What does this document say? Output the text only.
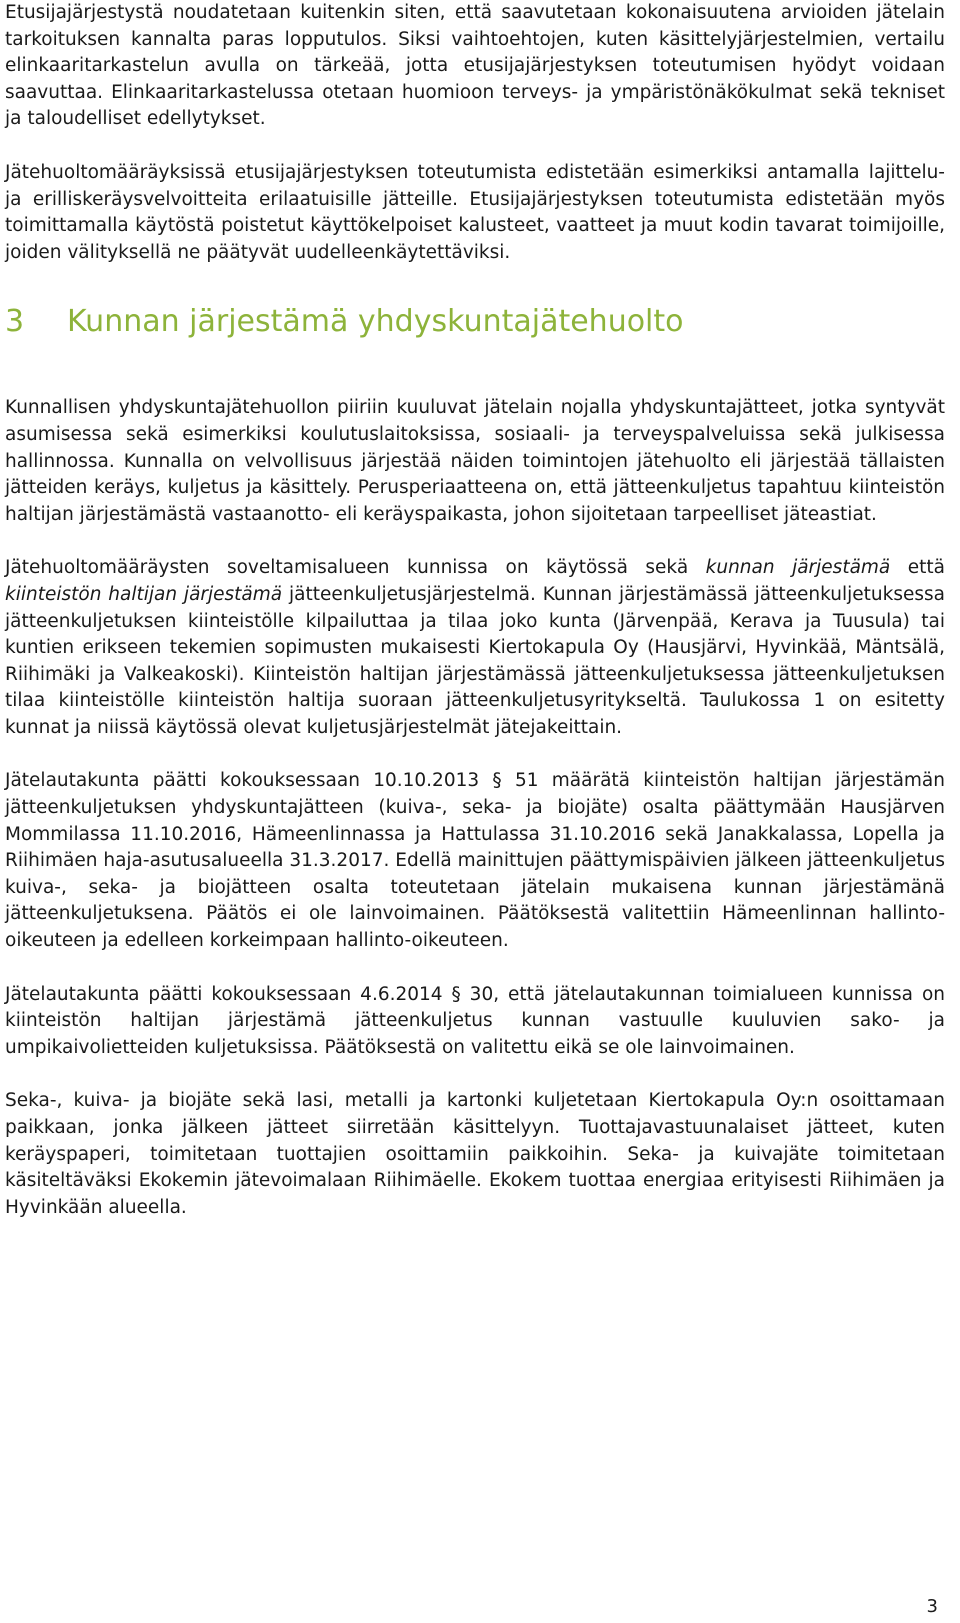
Etusijajärjestystä noudatetaan kuitenkin siten, että saavutetaan kokonaisuutena arvioiden jätelain tarkoituksen kannalta paras lopputulos. Siksi vaihtoehtojen, kuten käsittelyjärjestelmien, vertailu elinkaaritarkastelun avulla on tärkeää, jotta etusijajärjestyksen toteutumisen hyödyt voidaan saavuttaa. Elinkaaritarkastelussa otetaan huomioon terveys- ja ympäristönäkökulmat sekä tekniset ja taloudelliset edellytykset.

Jätehuoltomääräyksissä etusijajärjestyksen toteutumista edistetään esimerkiksi antamalla lajittelu- ja erilliskeräysvelvoitteita erilaatuisille jätteille. Etusijajärjestyksen toteutumista edistetään myös toimittamalla käytöstä poistetut käyttökelpoiset kalusteet, vaatteet ja muut kodin tavarat toimijoille, joiden välityksellä ne päätyvät uudelleenkäytettäviksi.

3 Kunnan järjestämä yhdyskuntajätehuolto

Kunnallisen yhdyskuntajätehuollon piiriin kuuluvat jätelain nojalla yhdyskuntajätteet, jotka syntyvät asumisessa sekä esimerkiksi koulutuslaitoksissa, sosiaali- ja terveyspalveluissa sekä julkisessa hallinnossa. Kunnalla on velvollisuus järjestää näiden toimintojen jätehuolto eli järjestää tällaisten jätteiden keräys, kuljetus ja käsittely. Perusperiaatteena on, että jätteenkuljetus tapahtuu kiinteistön haltijan järjestämästä vastaanotto- eli keräyspaikasta, johon sijoitetaan tarpeelliset jäteastiat.

Jätehuoltomääräysten soveltamisalueen kunnissa on käytössä sekä kunnan järjestämä että kiinteistön haltijan järjestämä jätteenkuljetusjärjestelmä. Kunnan järjestämässä jätteenkuljetuksessa jätteenkuljetuksen kiinteistölle kilpailuttaa ja tilaa joko kunta (Järvenpää, Kerava ja Tuusula) tai kuntien erikseen tekemien sopimusten mukaisesti Kiertokapula Oy (Hausjärvi, Hyvinkää, Mäntsälä, Riihimäki ja Valkeakoski). Kiinteistön haltijan järjestämässä jätteenkuljetuksessa jätteenkuljetuksen tilaa kiinteistölle kiinteistön haltija suoraan jätteenkuljetusyritykseltä. Taulukossa 1 on esitetty kunnat ja niissä käytössä olevat kuljetusjärjestelmät jätejakeittain.

Jätelautakunta päätti kokouksessaan 10.10.2013 § 51 määrätä kiinteistön haltijan järjestämän jätteenkuljetuksen yhdyskuntajätteen (kuiva-, seka- ja biojäte) osalta päättymään Hausjärven Mommilassa 11.10.2016, Hämeenlinnassa ja Hattulassa 31.10.2016 sekä Janakkalassa, Lopella ja Riihimäen haja-asutusalueella 31.3.2017. Edellä mainittujen päättymispäivien jälkeen jätteenkuljetus kuiva-, seka- ja biojätteen osalta toteutetaan jätelain mukaisena kunnan järjestämänä jätteenkuljetuksena. Päätös ei ole lainvoimainen. Päätöksestä valitettiin Hämeenlinnan hallinto-oikeuteen ja edelleen korkeimpaan hallinto-oikeuteen.

Jätelautakunta päätti kokouksessaan 4.6.2014 § 30, että jätelautakunnan toimialueen kunnissa on kiinteistön haltijan järjestämä jätteenkuljetus kunnan vastuulle kuuluvien sako- ja umpikaivolietteiden kuljetuksissa. Päätöksestä on valitettu eikä se ole lainvoimainen.

Seka-, kuiva- ja biojäte sekä lasi, metalli ja kartonki kuljetetaan Kiertokapula Oy:n osoittamaan paikkaan, jonka jälkeen jätteet siirretään käsittelyyn. Tuottajavastuunalaiset jätteet, kuten keräyspaperi, toimitetaan tuottajien osoittamiin paikkoihin. Seka- ja kuivajäte toimitetaan käsiteltäväksi Ekokemin jätevoimalaan Riihimäelle. Ekokem tuottaa energiaa erityisesti Riihimäen ja Hyvinkään alueella.

3
